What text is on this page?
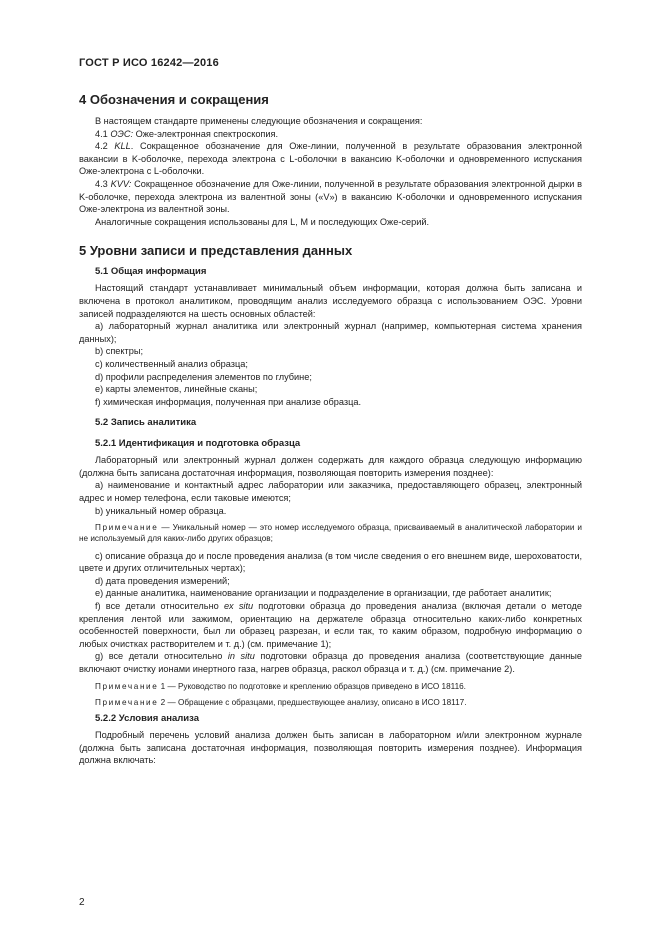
ГОСТ Р ИСО 16242—2016
4 Обозначения и сокращения

В настоящем стандарте применены следующие обозначения и сокращения:

4.1 ОЭС: Оже-электронная спектроскопия.

4.2 KLL. Сокращенное обозначение для Оже-линии, полученной в результате образования электронной вакансии в K-оболочке, перехода электрона с L-оболочки в вакансию K-оболочки и одновременного испускания Оже-электрона с L-оболочки.

4.3 KVV: Сокращенное обозначение для Оже-линии, полученной в результате образования электронной дырки в K-оболочке, перехода электрона из валентной зоны («V») в вакансию K-оболочки и одновременного испускания Оже-электрона из валентной зоны.

Аналогичные сокращения использованы для L, M и последующих Оже-серий.

5 Уровни записи и представления данных
5.1 Общая информация

Настоящий стандарт устанавливает минимальный объем информации, которая должна быть записана и включена в протокол аналитиком, проводящим анализ исследуемого образца с использованием ОЭС. Уровни записей подразделяются на шесть основных областей:

a) лабораторный журнал аналитика или электронный журнал (например, компьютерная система хранения данных);

b) спектры;

c) количественный анализ образца;

d) профили распределения элементов по глубине;

e) карты элементов, линейные сканы;

f) химическая информация, полученная при анализе образца.

5.2 Запись аналитика
5.2.1 Идентификация и подготовка образца

Лабораторный или электронный журнал должен содержать для каждого образца следующую информацию (должна быть записана достаточная информация, позволяющая повторить измерения позднее):

a) наименование и контактный адрес лаборатории или заказчика, предоставляющего образец, электронный адрес и номер телефона, если таковые имеются;

b) уникальный номер образца.

Примечание — Уникальный номер — это номер исследуемого образца, присваиваемый в аналитической лаборатории и не используемый для каких-либо других образцов;

c) описание образца до и после проведения анализа (в том числе сведения о его внешнем виде, шероховатости, цвете и других отличительных чертах);

d) дата проведения измерений;

e) данные аналитика, наименование организации и подразделение в организации, где работает аналитик;

f) все детали относительно ex situ подготовки образца до проведения анализа (включая детали о методе крепления лентой или зажимом, ориентацию на держателе образца относительно каких-либо конкретных особенностей поверхности, был ли образец разрезан, и если так, то каким образом, подробную информацию о любых очистках растворителем и т. д.) (см. примечание 1);

g) все детали относительно in situ подготовки образца до проведения анализа (соответствующие данные включают очистку ионами инертного газа, нагрев образца, раскол образца и т. д.) (см. примечание 2).

Примечание 1 — Руководство по подготовке и креплению образцов приведено в ИСО 18116.

Примечание 2 — Обращение с образцами, предшествующее анализу, описано в ИСО 18117.

5.2.2 Условия анализа

Подробный перечень условий анализа должен быть записан в лабораторном и/или электронном журнале (должна быть записана достаточная информация, позволяющая повторить измерения позднее). Информация должна включать:

2
